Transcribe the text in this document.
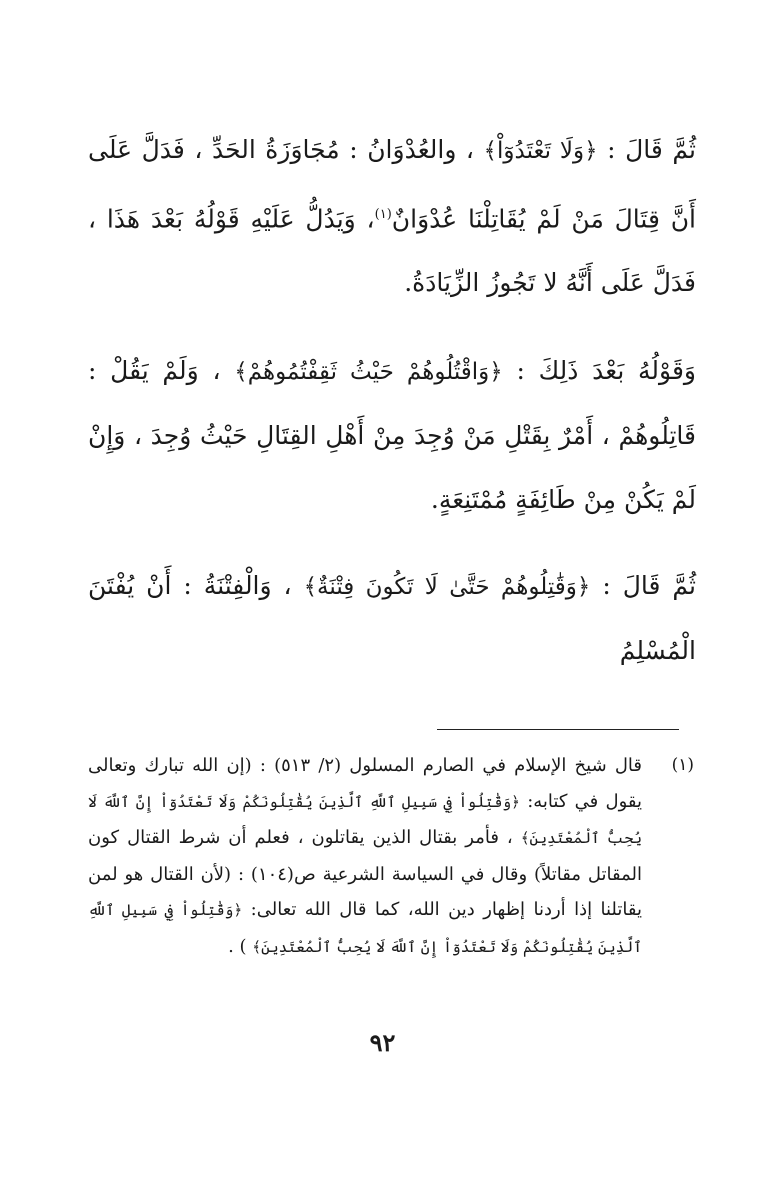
ثُمَّ قَالَ : ﴿وَلَا تَعْتَدُوٓاْ﴾ ، والعُدْوَانُ : مُجَاوَزَةُ الحَدِّ ، فَدَلَّ عَلَى أَنَّ قِتَالَ مَنْ لَمْ يُقَاتِلْنَا عُدْوَانٌ$^{(١)}$، وَيَدُلُّ عَلَيْهِ قَوْلُهُ بَعْدَ هَذَا ، فَدَلَّ عَلَى أَنَّهُ لا تَجُوزُ الزِّيَادَةُ.

وَقَوْلُهُ بَعْدَ ذَلِكَ : ﴿وَاقْتُلُوهُمْ حَيْثُ ثَقِفْتُمُوهُمْ﴾ ، وَلَمْ يَقُلْ : قَاتِلُوهُمْ ، أَمْرٌ بِقَتْلِ مَنْ وُجِدَ مِنْ أَهْلِ القِتَالِ حَيْثُ وُجِدَ ، وَإِنْ لَمْ يَكُنْ مِنْ طَائِفَةٍ مُمْتَنِعَةٍ.

ثُمَّ قَالَ : ﴿وَقَٰتِلُوهُمْ حَتَّىٰ لَا تَكُونَ فِتْنَةٌ﴾ ، وَالْفِتْنَةُ : أَنْ يُفْتَنَ الْمُسْلِمُ

(١)
قال شيخ الإسلام في الصارم المسلول (٢/ ٥١٣) : (إن الله تبارك وتعالى يقول في كتابه: ﴿وَقَٰتِلُواْ فِي سَبِيلِ ٱللَّهِ ٱلَّذِينَ يُقَٰتِلُونَكُمْ وَلَا تَعْتَدُوٓاْ إِنَّ ٱللَّهَ لَا يُحِبُّ ٱلْمُعْتَدِينَ﴾ ، فأمر بقتال الذين يقاتلون ، فعلم أن شرط القتال كون المقاتل مقاتلاً) وقال في السياسة الشرعية ص(١٠٤) : (لأن القتال هو لمن يقاتلنا إذا أردنا إظهار دين الله، كما قال الله تعالى: ﴿وَقَٰتِلُواْ فِي سَبِيلِ ٱللَّهِ ٱلَّذِينَ يُقَٰتِلُونَكُمْ وَلَا تَعْتَدُوٓاْ إِنَّ ٱللَّهَ لَا يُحِبُّ ٱلْمُعْتَدِينَ﴾ ) .
٩٢
